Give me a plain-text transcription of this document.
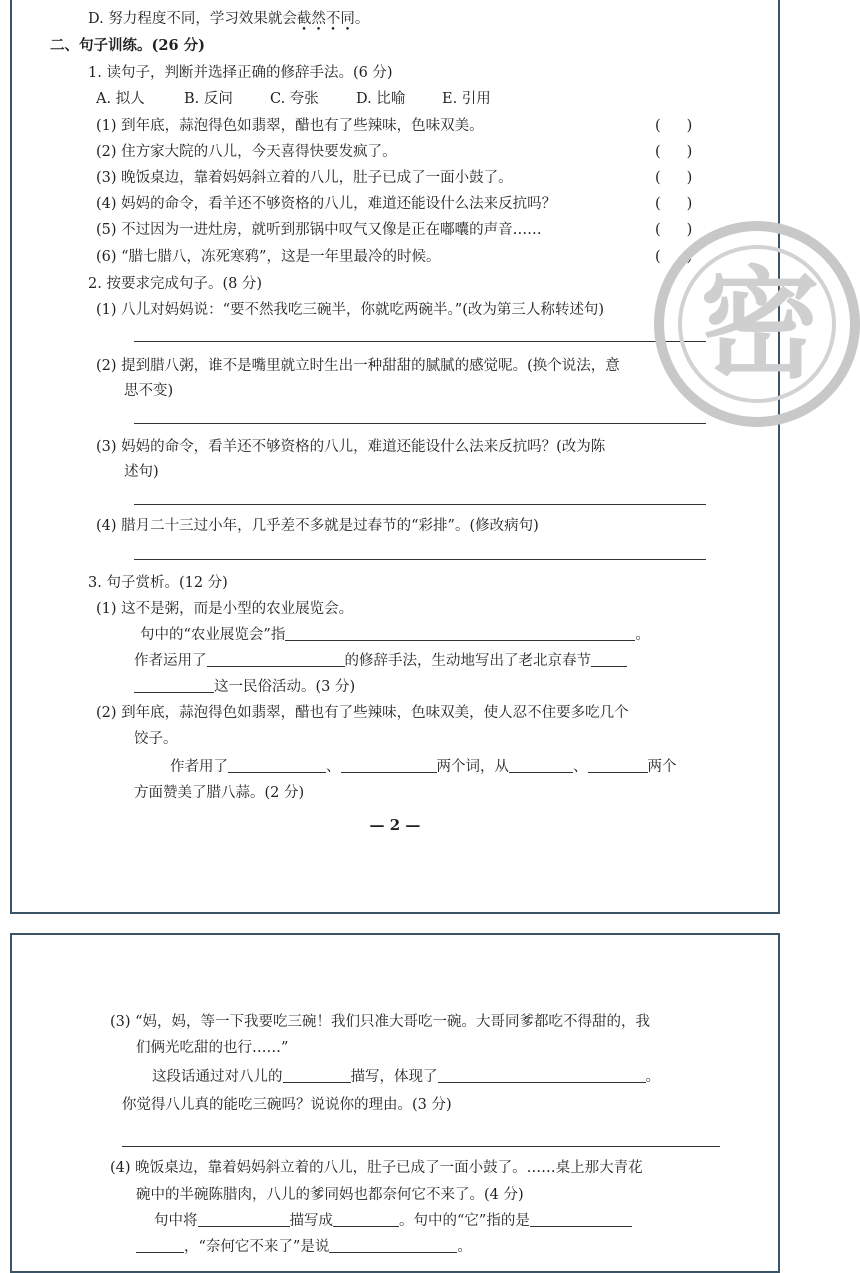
D. 努力程度不同，学习效果就会截然不同。
二、句子训练。(26 分)
1. 读句子，判断并选择正确的修辞手法。(6 分)
A. 拟人	B. 反问	C. 夸张	D. 比喻	E. 引用
(1) 到年底，蒜泡得色如翡翠，醋也有了些辣味，色味双美。	()
(2) 住方家大院的八儿，今天喜得快要发疯了。	()
(3) 晚饭桌边，靠着妈妈斜立着的八儿，肚子已成了一面小鼓了。	()
(4) 妈妈的命令，看羊还不够资格的八儿，难道还能设什么法来反抗吗？	()
(5) 不过因为一进灶房，就听到那锅中叹气又像是正在嘟囔的声音……	()
(6) “腊七腊八，冻死寒鸦”，这是一年里最冷的时候。	()
2. 按要求完成句子。(8 分)
(1) 八儿对妈妈说：“要不然我吃三碗半，你就吃两碗半。”(改为第三人称转述句)
(2) 提到腊八粥，谁不是嘴里就立时生出一种甜甜的腻腻的感觉呢。(换个说法，意
思不变)
(3) 妈妈的命令，看羊还不够资格的八儿，难道还能设什么法来反抗吗？(改为陈
述句)
(4) 腊月二十三过小年，几乎差不多就是过春节的“彩排”。(修改病句)
3. 句子赏析。(12 分)
(1) 这不是粥，而是小型的农业展览会。
句中的“农业展览会”指	。
作者运用了	的修辞手法，生动地写出了老北京春节
这一民俗活动。(3 分)
(2) 到年底，蒜泡得色如翡翠，醋也有了些辣味，色味双美，使人忍不住要多吃几个
饺子。
作者用了	、	两个词，从	、	两个
方面赞美了腊八蒜。(2 分)
— 2 —
密
(3) “妈，妈，等一下我要吃三碗！我们只准大哥吃一碗。大哥同爹都吃不得甜的，我
们俩光吃甜的也行……”
这段话通过对八儿的	描写，体现了	。
你觉得八儿真的能吃三碗吗？说说你的理由。(3 分)
(4) 晚饭桌边，靠着妈妈斜立着的八儿，肚子已成了一面小鼓了。……桌上那大青花
碗中的半碗陈腊肉，八儿的爹同妈也都奈何它不来了。(4 分)
句中将	描写成	。句中的“它”指的是
，“奈何它不来了”是说	。
